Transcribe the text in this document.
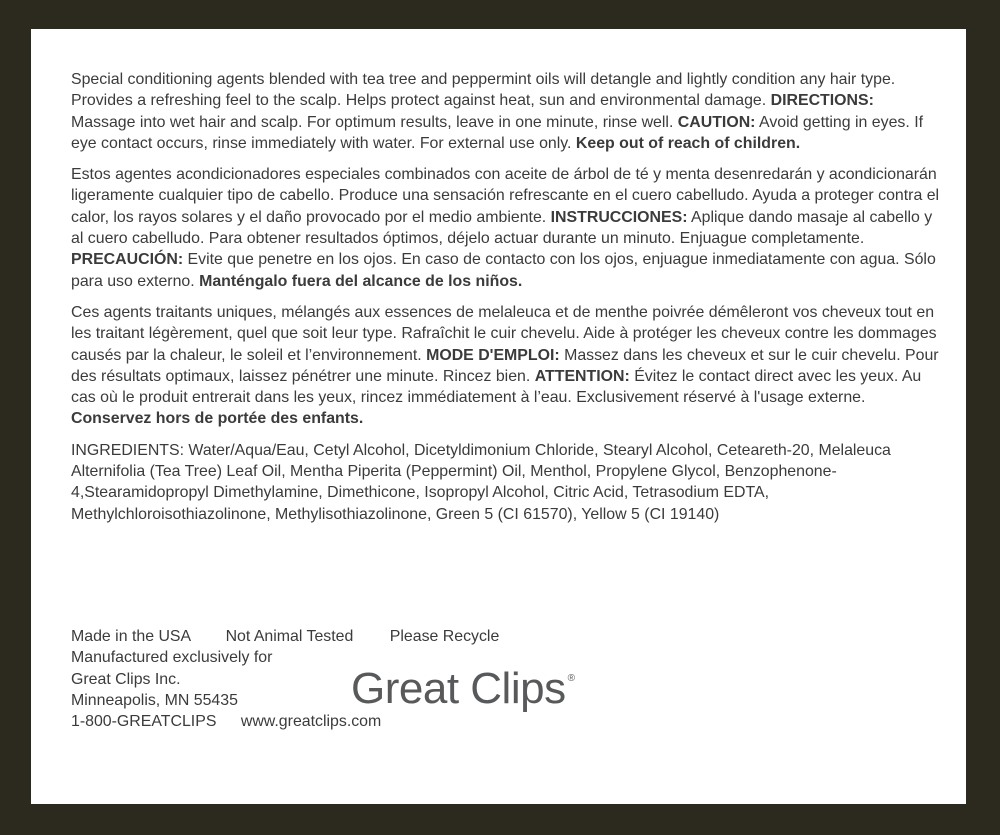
Special conditioning agents blended with tea tree and peppermint oils will detangle and lightly condition any hair type. Provides a refreshing feel to the scalp. Helps protect against heat, sun and environmental damage. DIRECTIONS: Massage into wet hair and scalp. For optimum results, leave in one minute, rinse well. CAUTION: Avoid getting in eyes. If eye contact occurs, rinse immediately with water. For external use only. Keep out of reach of children.

Estos agentes acondicionadores especiales combinados con aceite de árbol de té y menta desenredarán y acondicionarán ligeramente cualquier tipo de cabello. Produce una sensación refrescante en el cuero cabelludo. Ayuda a proteger contra el calor, los rayos solares y el daño provocado por el medio ambiente. INSTRUCCIONES: Aplique dando masaje al cabello y al cuero cabelludo. Para obtener resultados óptimos, déjelo actuar durante un minuto. Enjuague completamente. PRECAUCIÓN: Evite que penetre en los ojos. En caso de contacto con los ojos, enjuague inmediatamente con agua. Sólo para uso externo. Manténgalo fuera del alcance de los niños.

Ces agents traitants uniques, mélangés aux essences de melaleuca et de menthe poivrée démêleront vos cheveux tout en les traitant légèrement, quel que soit leur type. Rafraîchit le cuir chevelu. Aide à protéger les cheveux contre les dommages causés par la chaleur, le soleil et l’environnement. MODE D'EMPLOI: Massez dans les cheveux et sur le cuir chevelu. Pour des résultats optimaux, laissez pénétrer une minute. Rincez bien. ATTENTION: Évitez le contact direct avec les yeux. Au cas où le produit entrerait dans les yeux, rincez immédiatement à l’eau. Exclusivement réservé à l'usage externe. Conservez hors de portée des enfants.

INGREDIENTS: Water/Aqua/Eau, Cetyl Alcohol, Dicetyldimonium Chloride, Stearyl Alcohol, Ceteareth-20, Melaleuca Alternifolia (Tea Tree) Leaf Oil, Mentha Piperita (Peppermint) Oil, Menthol, Propylene Glycol, Benzophenone-4,Stearamidopropyl Dimethylamine, Dimethicone, Isopropyl Alcohol, Citric Acid, Tetrasodium EDTA, Methylchloroisothiazolinone, Methylisothiazolinone, Green 5 (CI 61570), Yellow 5 (CI 19140)

Made in the USA Not Animal Tested Please Recycle
Manufactured exclusively for
Great Clips Inc.
Minneapolis, MN 55435
1-800-GREATCLIPS www.greatclips.com
Great Clips ®
